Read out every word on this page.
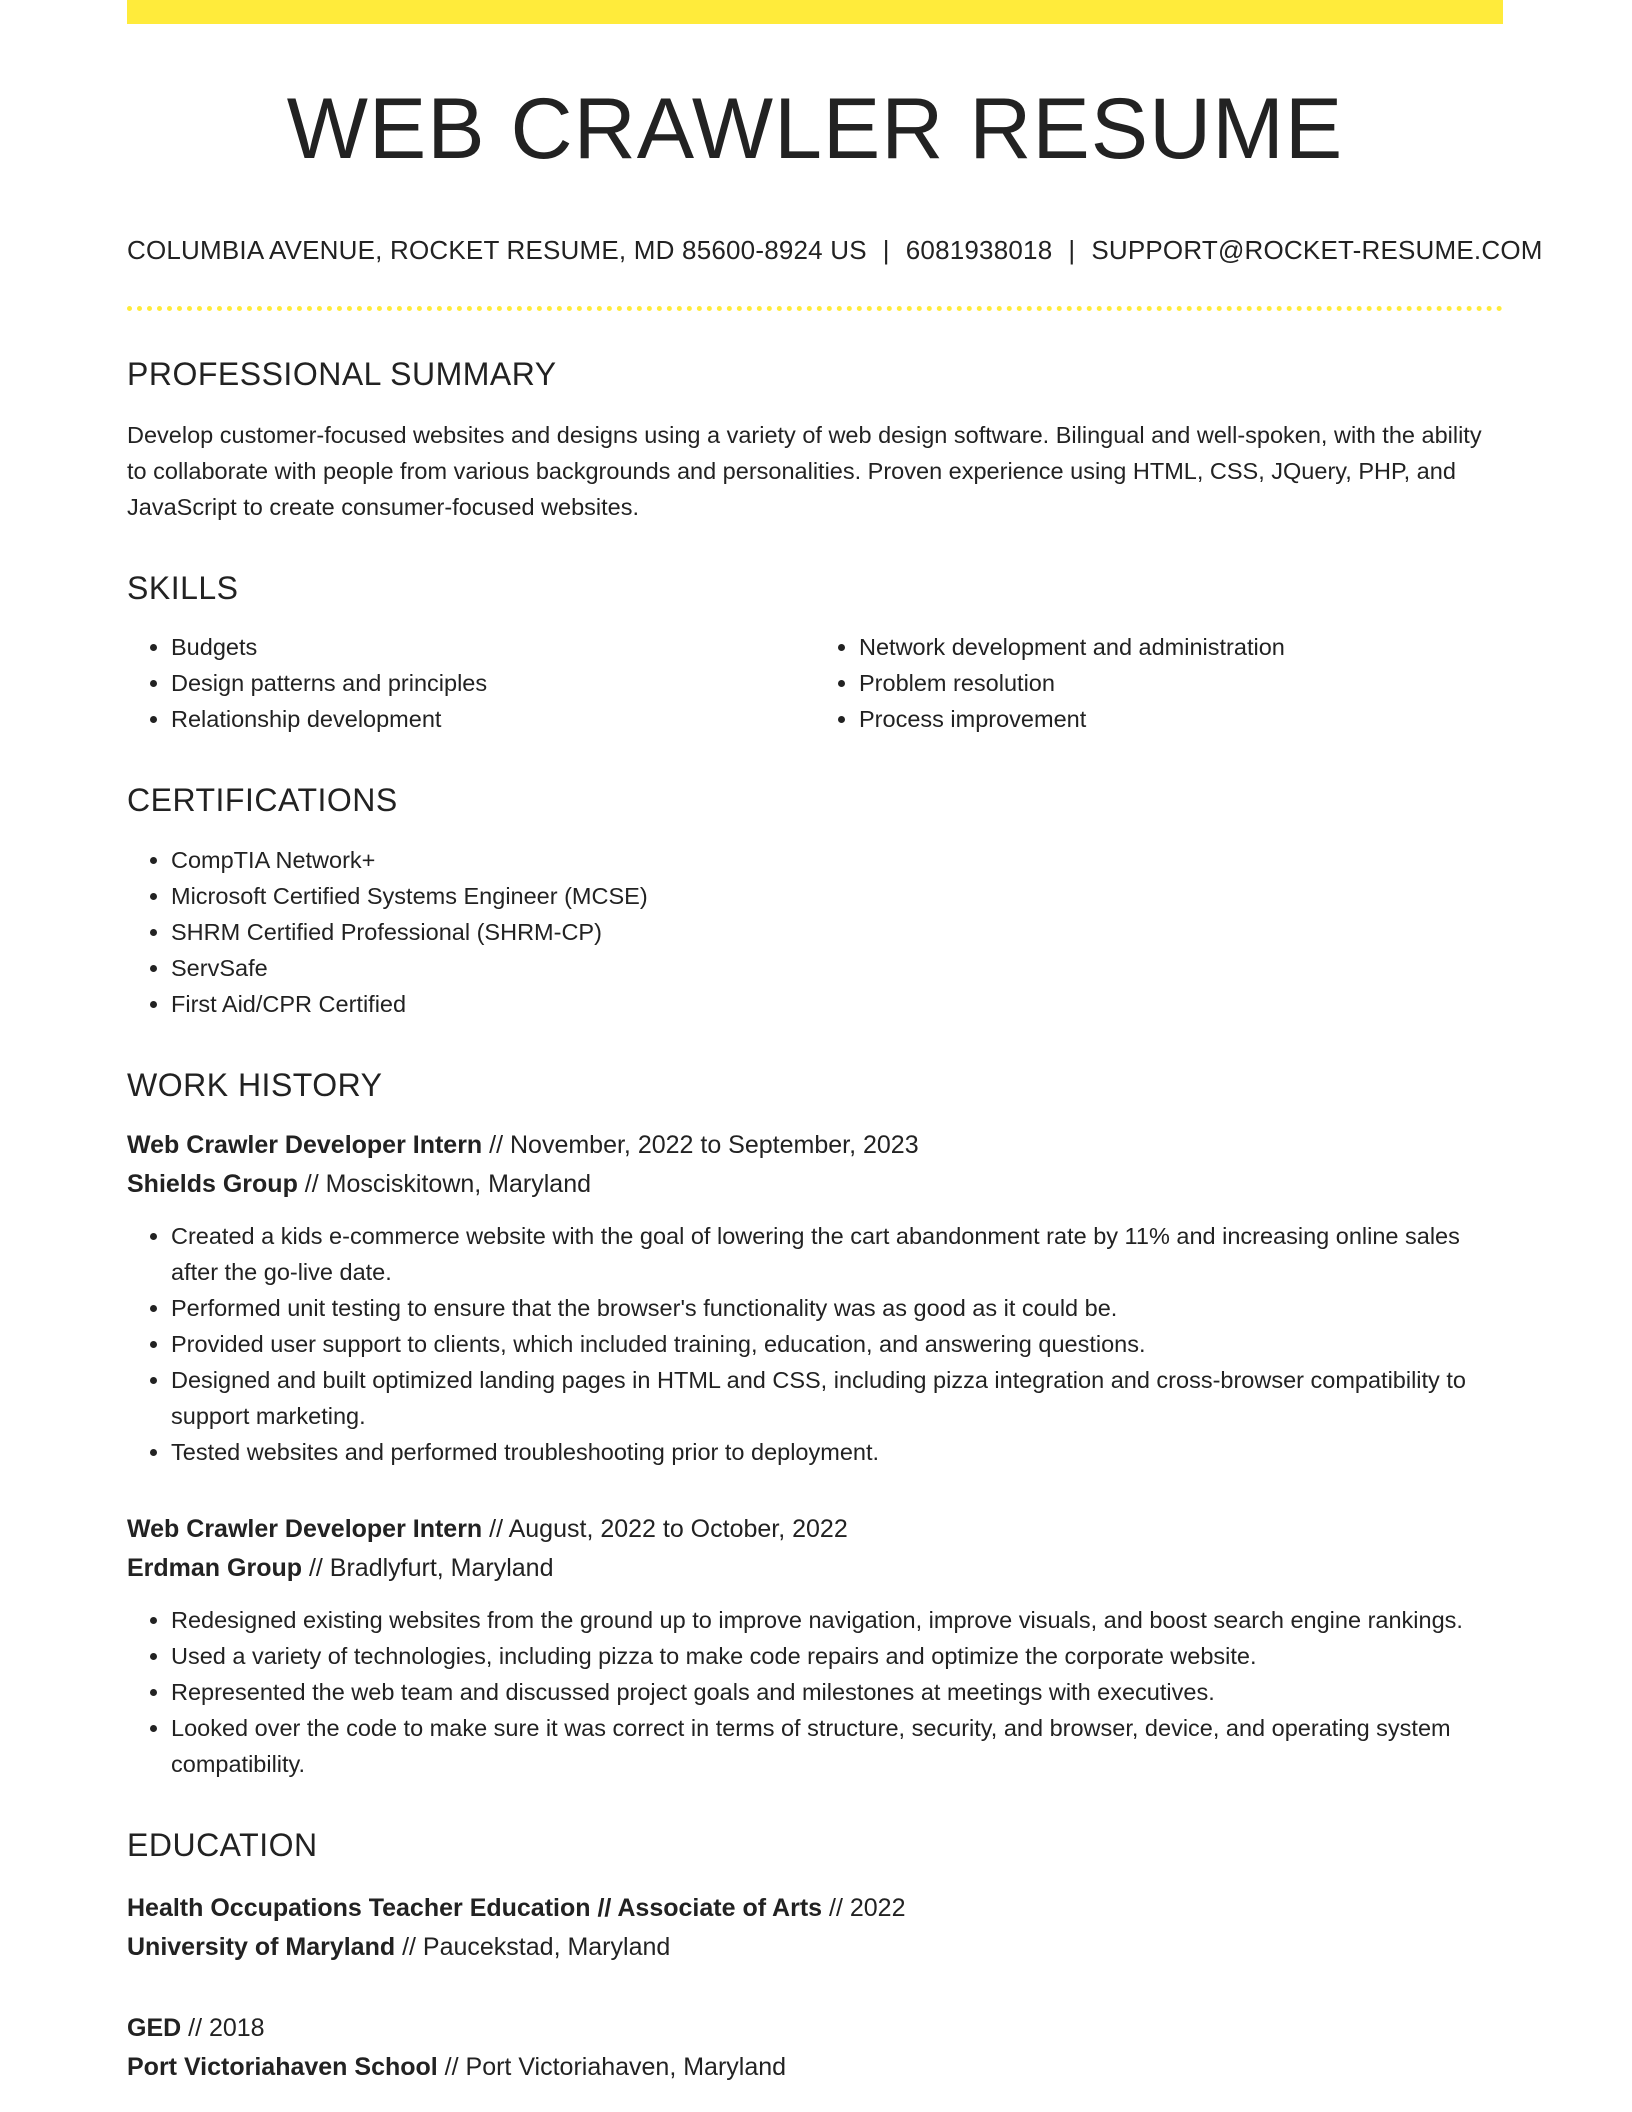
WEB CRAWLER RESUME
COLUMBIA AVENUE, ROCKET RESUME, MD 85600-8924 US | 6081938018 | SUPPORT@ROCKET-RESUME.COM
PROFESSIONAL SUMMARY

Develop customer-focused websites and designs using a variety of web design software. Bilingual and well-spoken, with the ability to collaborate with people from various backgrounds and personalities. Proven experience using HTML, CSS, JQuery, PHP, and JavaScript to create consumer-focused websites.

SKILLS
• Budgets
• Design patterns and principles
• Relationship development
• Network development and administration
• Problem resolution
• Process improvement
CERTIFICATIONS
• CompTIA Network+
• Microsoft Certified Systems Engineer (MCSE)
• SHRM Certified Professional (SHRM-CP)
• ServSafe
• First Aid/CPR Certified
WORK HISTORY
Web Crawler Developer Intern // November, 2022 to September, 2023
Shields Group // Mosciskitown, Maryland
• Created a kids e-commerce website with the goal of lowering the cart abandonment rate by 11% and increasing online sales after the go-live date.
• Performed unit testing to ensure that the browser's functionality was as good as it could be.
• Provided user support to clients, which included training, education, and answering questions.
• Designed and built optimized landing pages in HTML and CSS, including pizza integration and cross-browser compatibility to support marketing.
• Tested websites and performed troubleshooting prior to deployment.
Web Crawler Developer Intern // August, 2022 to October, 2022
Erdman Group // Bradlyfurt, Maryland
• Redesigned existing websites from the ground up to improve navigation, improve visuals, and boost search engine rankings.
• Used a variety of technologies, including pizza to make code repairs and optimize the corporate website.
• Represented the web team and discussed project goals and milestones at meetings with executives.
• Looked over the code to make sure it was correct in terms of structure, security, and browser, device, and operating system compatibility.
EDUCATION
Health Occupations Teacher Education // Associate of Arts // 2022
University of Maryland // Paucekstad, Maryland
GED // 2018
Port Victoriahaven School // Port Victoriahaven, Maryland
